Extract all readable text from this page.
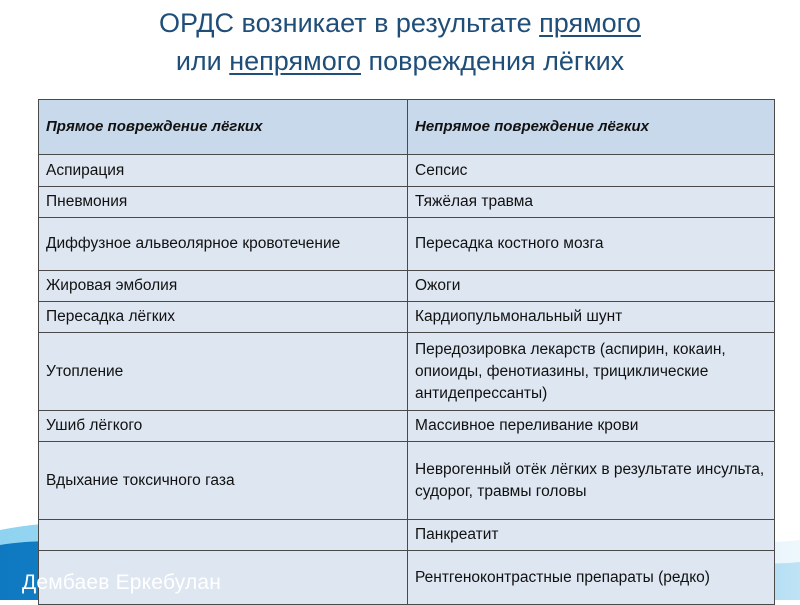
ОРДС возникает в результате прямого
или непрямого повреждения лёгких
Прямое повреждение лёгких	Непрямое повреждение лёгких
Аспирация	Сепсис
Пневмония	Тяжёлая травма
Диффузное альвеолярное кровотечение	Пересадка костного мозга
Жировая эмболия	Ожоги
Пересадка лёгких	Кардиопульмональный шунт
Утопление	Передозировка лекарств (аспирин, кокаин, опиоиды, фенотиазины, трициклические антидепрессанты)
Ушиб лёгкого	Массивное переливание крови
Вдыхание токсичного газа	Неврогенный отёк лёгких в результате инсульта, судорог, травмы головы
	Панкреатит
	Рентгеноконтрастные препараты (редко)
Дембаев Еркебулан
